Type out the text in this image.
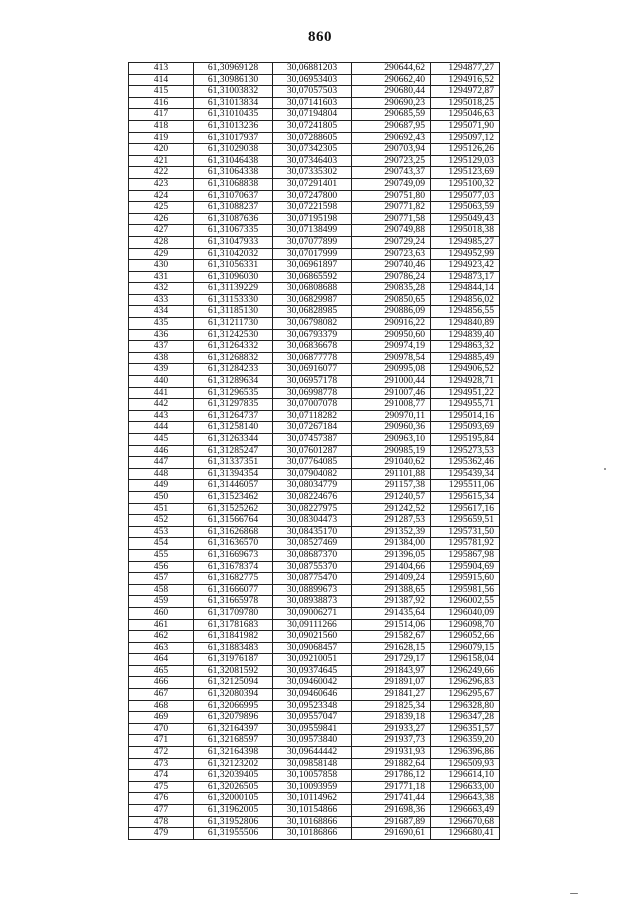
860
413	61,30969128	30,06881203	290644,62	1294877,27
414	61,30986130	30,06953403	290662,40	1294916,52
415	61,31003832	30,07057503	290680,44	1294972,87
416	61,31013834	30,07141603	290690,23	1295018,25
417	61,31010435	30,07194804	290685,59	1295046,63
418	61,31013236	30,07241805	290687,95	1295071,90
419	61,31017937	30,07288605	290692,43	1295097,12
420	61,31029038	30,07342305	290703,94	1295126,26
421	61,31046438	30,07346403	290723,25	1295129,03
422	61,31064338	30,07335302	290743,37	1295123,69
423	61,31068838	30,07291401	290749,09	1295100,32
424	61,31070637	30,07247800	290751,80	1295077,03
425	61,31088237	30,07221598	290771,82	1295063,59
426	61,31087636	30,07195198	290771,58	1295049,43
427	61,31067335	30,07138499	290749,88	1295018,38
428	61,31047933	30,07077899	290729,24	1294985,27
429	61,31042032	30,07017999	290723,63	1294952,99
430	61,31056331	30,06961897	290740,46	1294923,42
431	61,31096030	30,06865592	290786,24	1294873,17
432	61,31139229	30,06808688	290835,28	1294844,14
433	61,31153330	30,06829987	290850,65	1294856,02
434	61,31185130	30,06828985	290886,09	1294856,55
435	61,31211730	30,06798082	290916,22	1294840,89
436	61,31242530	30,06793379	290950,60	1294839,40
437	61,31264332	30,06836678	290974,19	1294863,32
438	61,31268832	30,06877778	290978,54	1294885,49
439	61,31284233	30,06916077	290995,08	1294906,52
440	61,31289634	30,06957178	291000,44	1294928,71
441	61,31296535	30,06998778	291007,46	1294951,22
442	61,31297835	30,07007078	291008,77	1294955,71
443	61,31264737	30,07118282	290970,11	1295014,16
444	61,31258140	30,07267184	290960,36	1295093,69
445	61,31263344	30,07457387	290963,10	1295195,84
446	61,31285247	30,07601287	290985,19	1295273,53
447	61,31337351	30,07764085	291040,62	1295362,46
448	61,31394354	30,07904082	291101,88	1295439,34
449	61,31446057	30,08034779	291157,38	1295511,06
450	61,31523462	30,08224676	291240,57	1295615,34
451	61,31525262	30,08227975	291242,52	1295617,16
452	61,31566764	30,08304473	291287,53	1295659,51
453	61,31626868	30,08435170	291352,39	1295731,50
454	61,31636570	30,08527469	291384,00	1295781,92
455	61,31669673	30,08687370	291396,05	1295867,98
456	61,31678374	30,08755370	291404,66	1295904,69
457	61,31682775	30,08775470	291409,24	1295915,60
458	61,31666077	30,08899673	291388,65	1295981,56
459	61,31665978	30,08938873	291387,92	1296002,55
460	61,31709780	30,09006271	291435,64	1296040,09
461	61,31781683	30,09111266	291514,06	1296098,70
462	61,31841982	30,09021560	291582,67	1296052,66
463	61,31883483	30,09068457	291628,15	1296079,15
464	61,31976187	30,09210051	291729,17	1296158,04
465	61,32081592	30,09374645	291843,97	1296249,66
466	61,32125094	30,09460042	291891,07	1296296,83
467	61,32080394	30,09460646	291841,27	1296295,67
468	61,32066995	30,09523348	291825,34	1296328,80
469	61,32079896	30,09557047	291839,18	1296347,28
470	61,32164397	30,09559841	291933,27	1296351,57
471	61,32168597	30,09573840	291937,73	1296359,20
472	61,32164398	30,09644442	291931,93	1296396,86
473	61,32123202	30,09858148	291882,64	1296509,93
474	61,32039405	30,10057858	291786,12	1296614,10
475	61,32026505	30,10093959	291771,18	1296633,00
476	61,32000105	30,10114962	291741,44	1296643,38
477	61,31962005	30,10154866	291698,36	1296663,49
478	61,31952806	30,10168866	291687,89	1296670,68
479	61,31955506	30,10186866	291690,61	1296680,41
